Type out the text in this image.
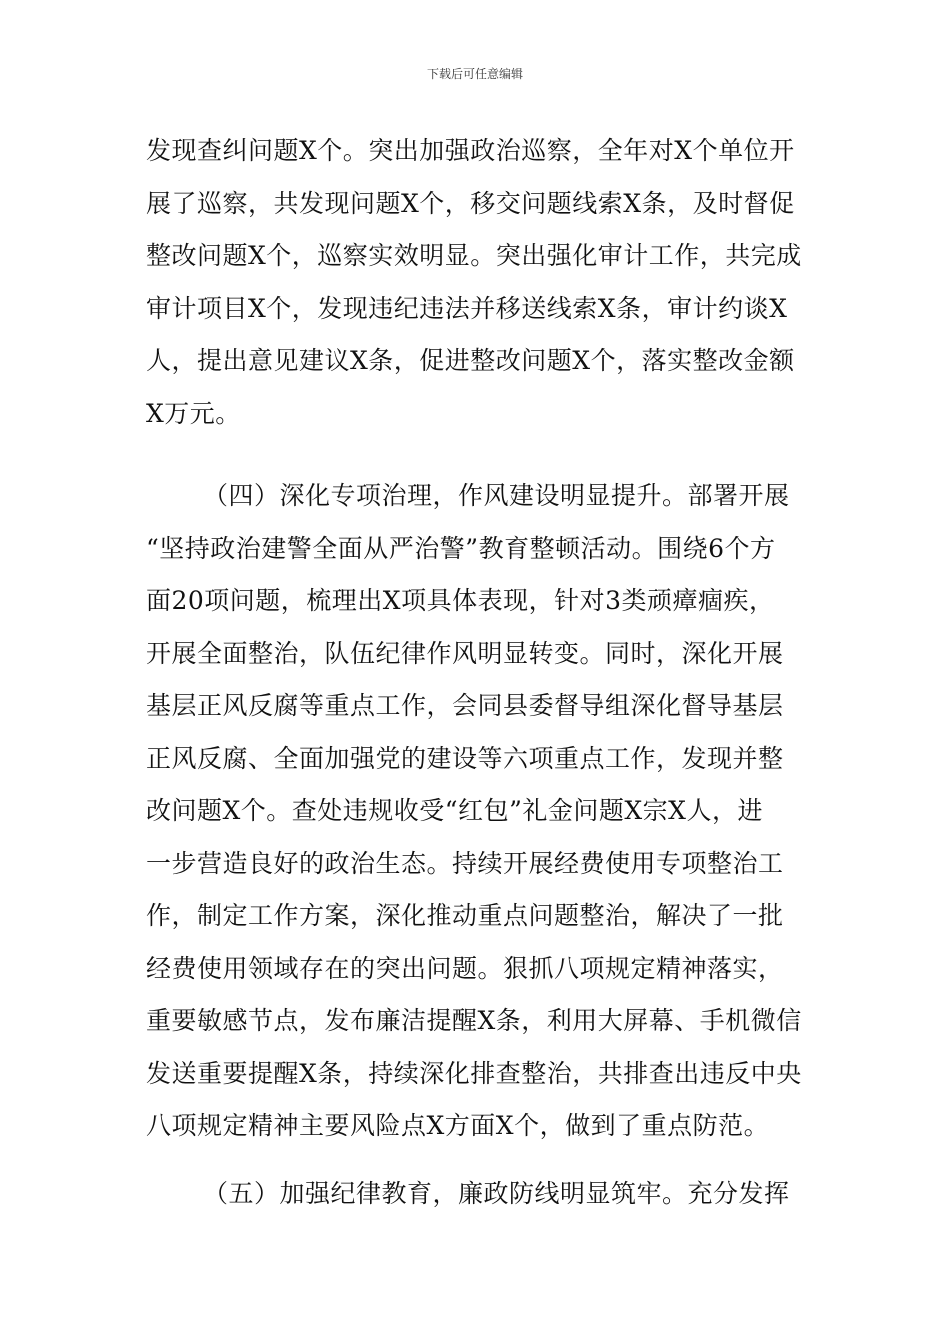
下载后可任意编辑
发现查纠问题X个。突出加强政治巡察，全年对X个单位开
展了巡察，共发现问题X个，移交问题线索X条，及时督促
整改问题X个，巡察实效明显。突出强化审计工作，共完成
审计项目X个，发现违纪违法并移送线索X条，审计约谈X
人，提出意见建议X条，促进整改问题X个，落实整改金额
X万元。
（四）深化专项治理，作风建设明显提升。部署开展
“坚持政治建警全面从严治警”教育整顿活动。围绕6个方
面20项问题，梳理出X项具体表现，针对3类顽瘴痼疾，
开展全面整治，队伍纪律作风明显转变。同时，深化开展
基层正风反腐等重点工作，会同县委督导组深化督导基层
正风反腐、全面加强党的建设等六项重点工作，发现并整
改问题X个。查处违规收受“红包”礼金问题X宗X人，进
一步营造良好的政治生态。持续开展经费使用专项整治工
作，制定工作方案，深化推动重点问题整治，解决了一批
经费使用领域存在的突出问题。狠抓八项规定精神落实，
重要敏感节点，发布廉洁提醒X条，利用大屏幕、手机微信
发送重要提醒X条，持续深化排查整治，共排查出违反中央
八项规定精神主要风险点X方面X个，做到了重点防范。
（五）加强纪律教育，廉政防线明显筑牢。充分发挥
